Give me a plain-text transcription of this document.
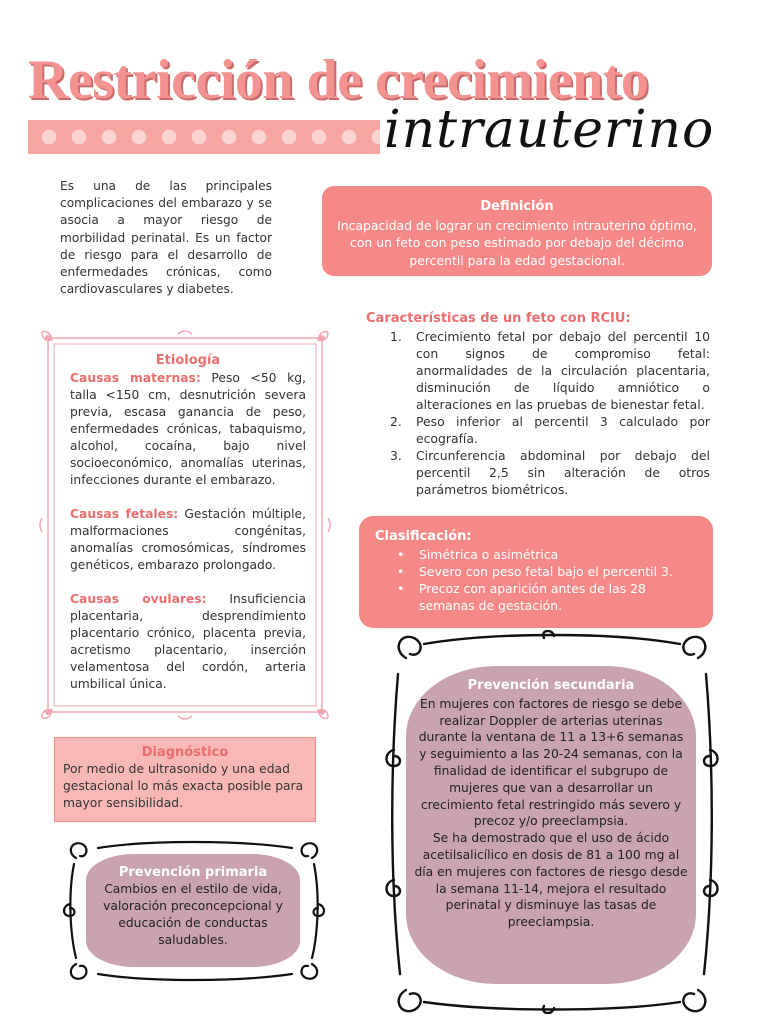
Restricción de crecimiento
intrauterino
Es una de las principales complicaciones del embarazo y se asocia a mayor riesgo de morbilidad perinatal. Es un factor de riesgo para el desarrollo de enfermedades crónicas, como cardiovasculares y diabetes.
Definición
Incapacidad de lograr un crecimiento intrauterino óptimo, con un feto con peso estimado por debajo del décimo percentil para la edad gestacional.
Características de un feto con RCIU:
1. Crecimiento fetal por debajo del percentil 10 con signos de compromiso fetal: anormalidades de la circulación placentaria, disminución de líquido amniótico o alteraciones en las pruebas de bienestar fetal.
2. Peso inferior al percentil 3 calculado por ecografía.
3. Circunferencia abdominal por debajo del percentil 2,5 sin alteración de otros parámetros biométricos.
Etiología

Causas maternas: Peso <50 kg, talla <150 cm, desnutrición severa previa, escasa ganancia de peso, enfermedades crónicas, tabaquismo, alcohol, cocaína, bajo nivel socioeconómico, anomalías uterinas, infecciones durante el embarazo.

Causas fetales: Gestación múltiple, malformaciones congénitas, anomalías cromosómicas, síndromes genéticos, embarazo prolongado.

Causas ovulares: Insuficiencia placentaria, desprendimiento placentario crónico, placenta previa, acretismo placentario, inserción velamentosa del cordón, arteria umbilical única.

Clasificación:
• Simétrica o asimétrica
• Severo con peso fetal bajo el percentil 3.
• Precoz con aparición antes de las 28 semanas de gestación.
Diagnóstico
Por medio de ultrasonido y una edad gestacional lo más exacta posible para mayor sensibilidad.
Prevención primaria
Cambios en el estilo de vida, valoración preconcepcional y educación de conductas saludables.
Prevención secundaria
En mujeres con factores de riesgo se debe realizar Doppler de arterias uterinas durante la ventana de 11 a 13+6 semanas y seguimiento a las 20-24 semanas, con la finalidad de identificar el subgrupo de mujeres que van a desarrollar un crecimiento fetal restringido más severo y precoz y/o preeclampsia.
Se ha demostrado que el uso de ácido acetilsalicílico en dosis de 81 a 100 mg al día en mujeres con factores de riesgo desde la semana 11-14, mejora el resultado perinatal y disminuye las tasas de preeclampsia.
